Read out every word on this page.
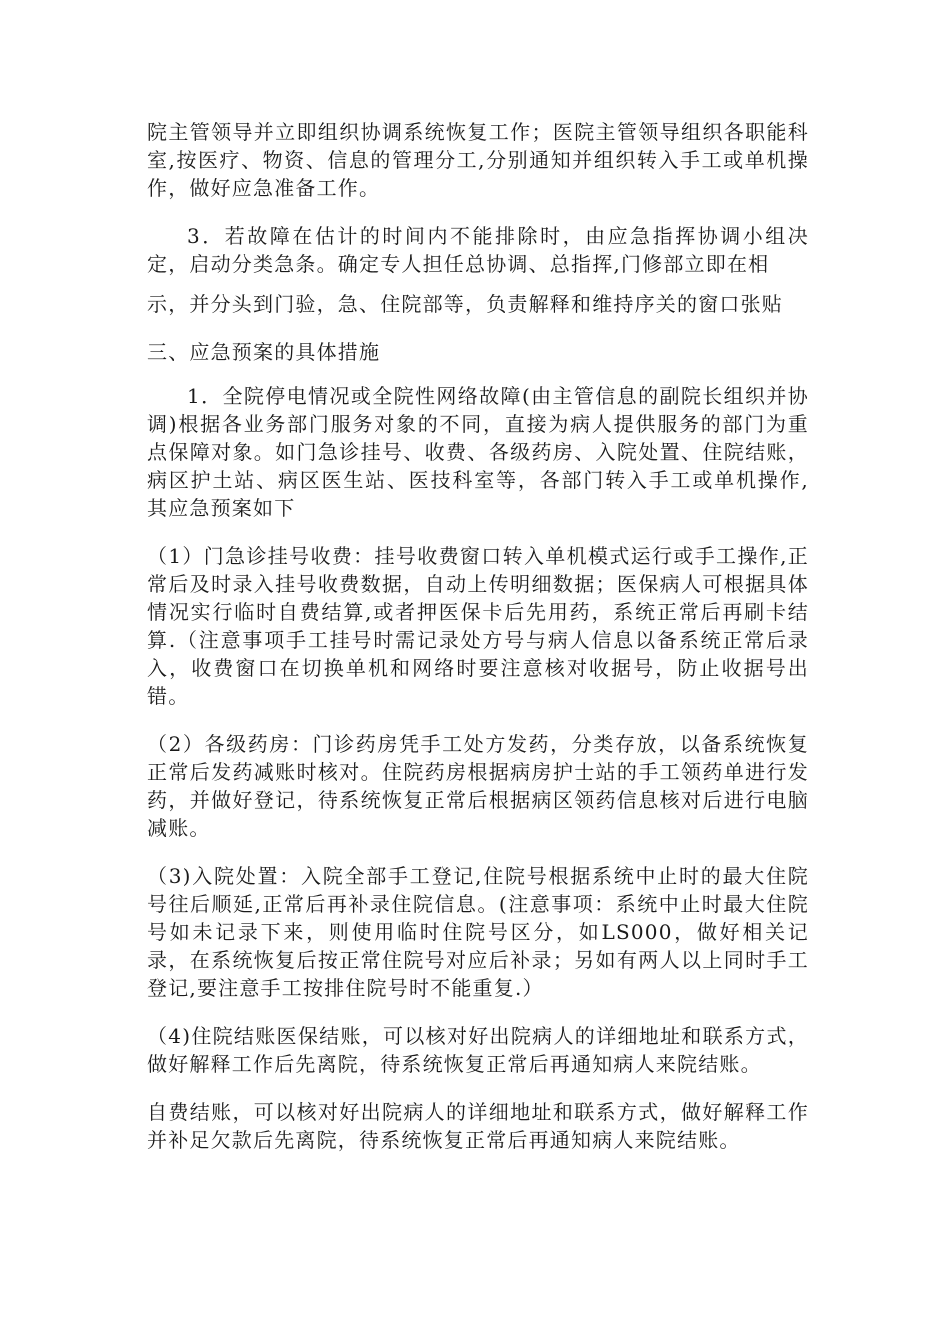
院主管领导并立即组织协调系统恢复工作；医院主管领导组织各职能科室,按医疗、物资、信息的管理分工,分别通知并组织转入手工或单机操作，做好应急准备工作。

3．若故障在估计的时间内不能排除时，由应急指挥协调小组决定，启动分类急条。确定专人担任总协调、总指挥,门修部立即在相

示，并分头到门验，急、住院部等，负责解释和维持序关的窗口张贴

三、应急预案的具体措施

1．全院停电情况或全院性网络故障(由主管信息的副院长组织并协调)根据各业务部门服务对象的不同，直接为病人提供服务的部门为重点保障对象。如门急诊挂号、收费、各级药房、入院处置、住院结账，病区护土站、病区医生站、医技科室等，各部门转入手工或单机操作,其应急预案如下

（1）门急诊挂号收费：挂号收费窗口转入单机模式运行或手工操作,正常后及时录入挂号收费数据，自动上传明细数据；医保病人可根据具体情况实行临时自费结算,或者押医保卡后先用药，系统正常后再刷卡结算.（注意事项手工挂号时需记录处方号与病人信息以备系统正常后录入，收费窗口在切换单机和网络时要注意核对收据号，防止收据号出错。

（2）各级药房：门诊药房凭手工处方发药，分类存放，以备系统恢复正常后发药减账时核对。住院药房根据病房护士站的手工领药单进行发药，并做好登记，待系统恢复正常后根据病区领药信息核对后进行电脑减账。

（3)入院处置：入院全部手工登记,住院号根据系统中止时的最大住院号往后顺延,正常后再补录住院信息。(注意事项：系统中止时最大住院号如未记录下来，则使用临时住院号区分，如LS000，做好相关记录，在系统恢复后按正常住院号对应后补录；另如有两人以上同时手工登记,要注意手工按排住院号时不能重复.）

（4)住院结账医保结账，可以核对好出院病人的详细地址和联系方式，做好解释工作后先离院，待系统恢复正常后再通知病人来院结账。

自费结账，可以核对好出院病人的详细地址和联系方式，做好解释工作并补足欠款后先离院，待系统恢复正常后再通知病人来院结账。
